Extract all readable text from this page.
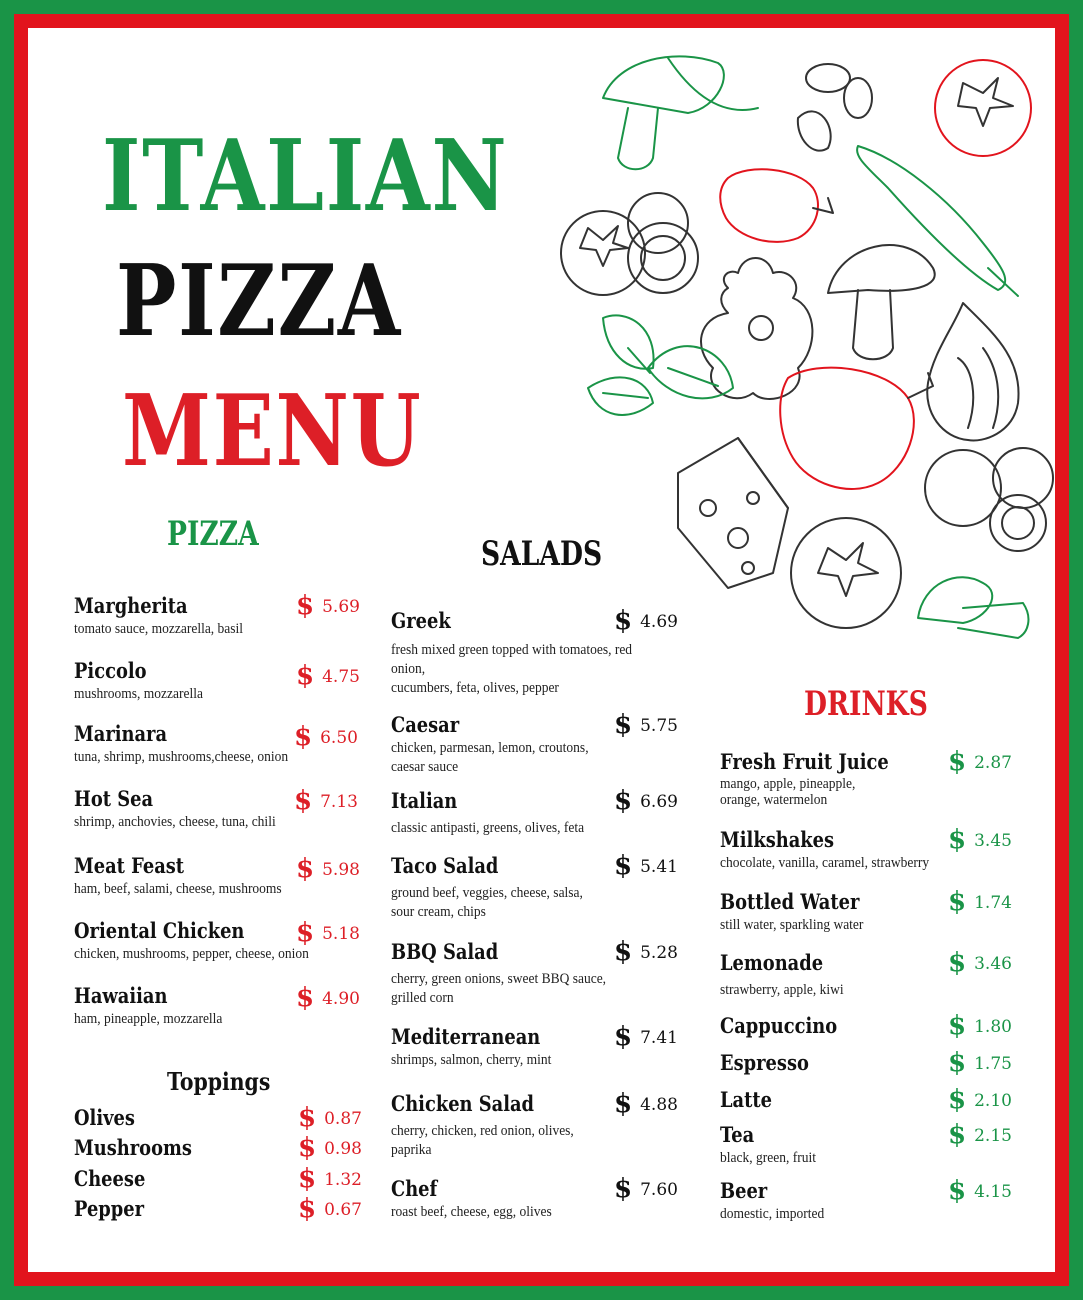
ITALIAN
PIZZA
MENU
PIZZA	SALADS
DRINKS
Toppings
Margherita
tomato sauce, mozzarella, basil
$ 5.69
Piccolo
mushrooms, mozzarella
$ 4.75
Marinara
tuna, shrimp, mushrooms,cheese, onion
$ 6.50
Hot Sea
shrimp, anchovies, cheese, tuna, chili
$ 7.13
Meat Feast
ham, beef, salami, cheese, mushrooms
$ 5.98
Oriental Chicken
chicken, mushrooms, pepper, cheese, onion
$ 5.18
Hawaiian
ham, pineapple, mozzarella
$ 4.90
Olives	$ 0.87
Mushrooms	$ 0.98
Cheese	$ 1.32
Pepper	$ 0.67
Greek
fresh mixed green topped with tomatoes, red onion,
cucumbers, feta, olives, pepper
$ 4.69
Caesar
chicken, parmesan, lemon, croutons,
caesar sauce
$ 5.75
Italian
classic antipasti, greens, olives, feta
$ 6.69
Taco Salad
ground beef, veggies, cheese, salsa,
sour cream, chips
$ 5.41
BBQ Salad
cherry, green onions, sweet BBQ sauce,
grilled corn
$ 5.28
Mediterranean
shrimps, salmon, cherry, mint
$ 7.41
Chicken Salad
cherry, chicken, red onion, olives,
paprika
$ 4.88
Chef
roast beef, cheese, egg, olives
$ 7.60
Fresh Fruit Juice
mango, apple, pineapple,
orange, watermelon
$ 2.87
Milkshakes
chocolate, vanilla, caramel, strawberry
$ 3.45
Bottled Water
still water, sparkling water
$ 1.74
Lemonade
strawberry, apple, kiwi
$ 3.46
Cappuccino	$ 1.80
Espresso	$ 1.75
Latte	$ 2.10
Tea
black, green, fruit
$ 2.15
Beer
domestic, imported
$ 4.15
